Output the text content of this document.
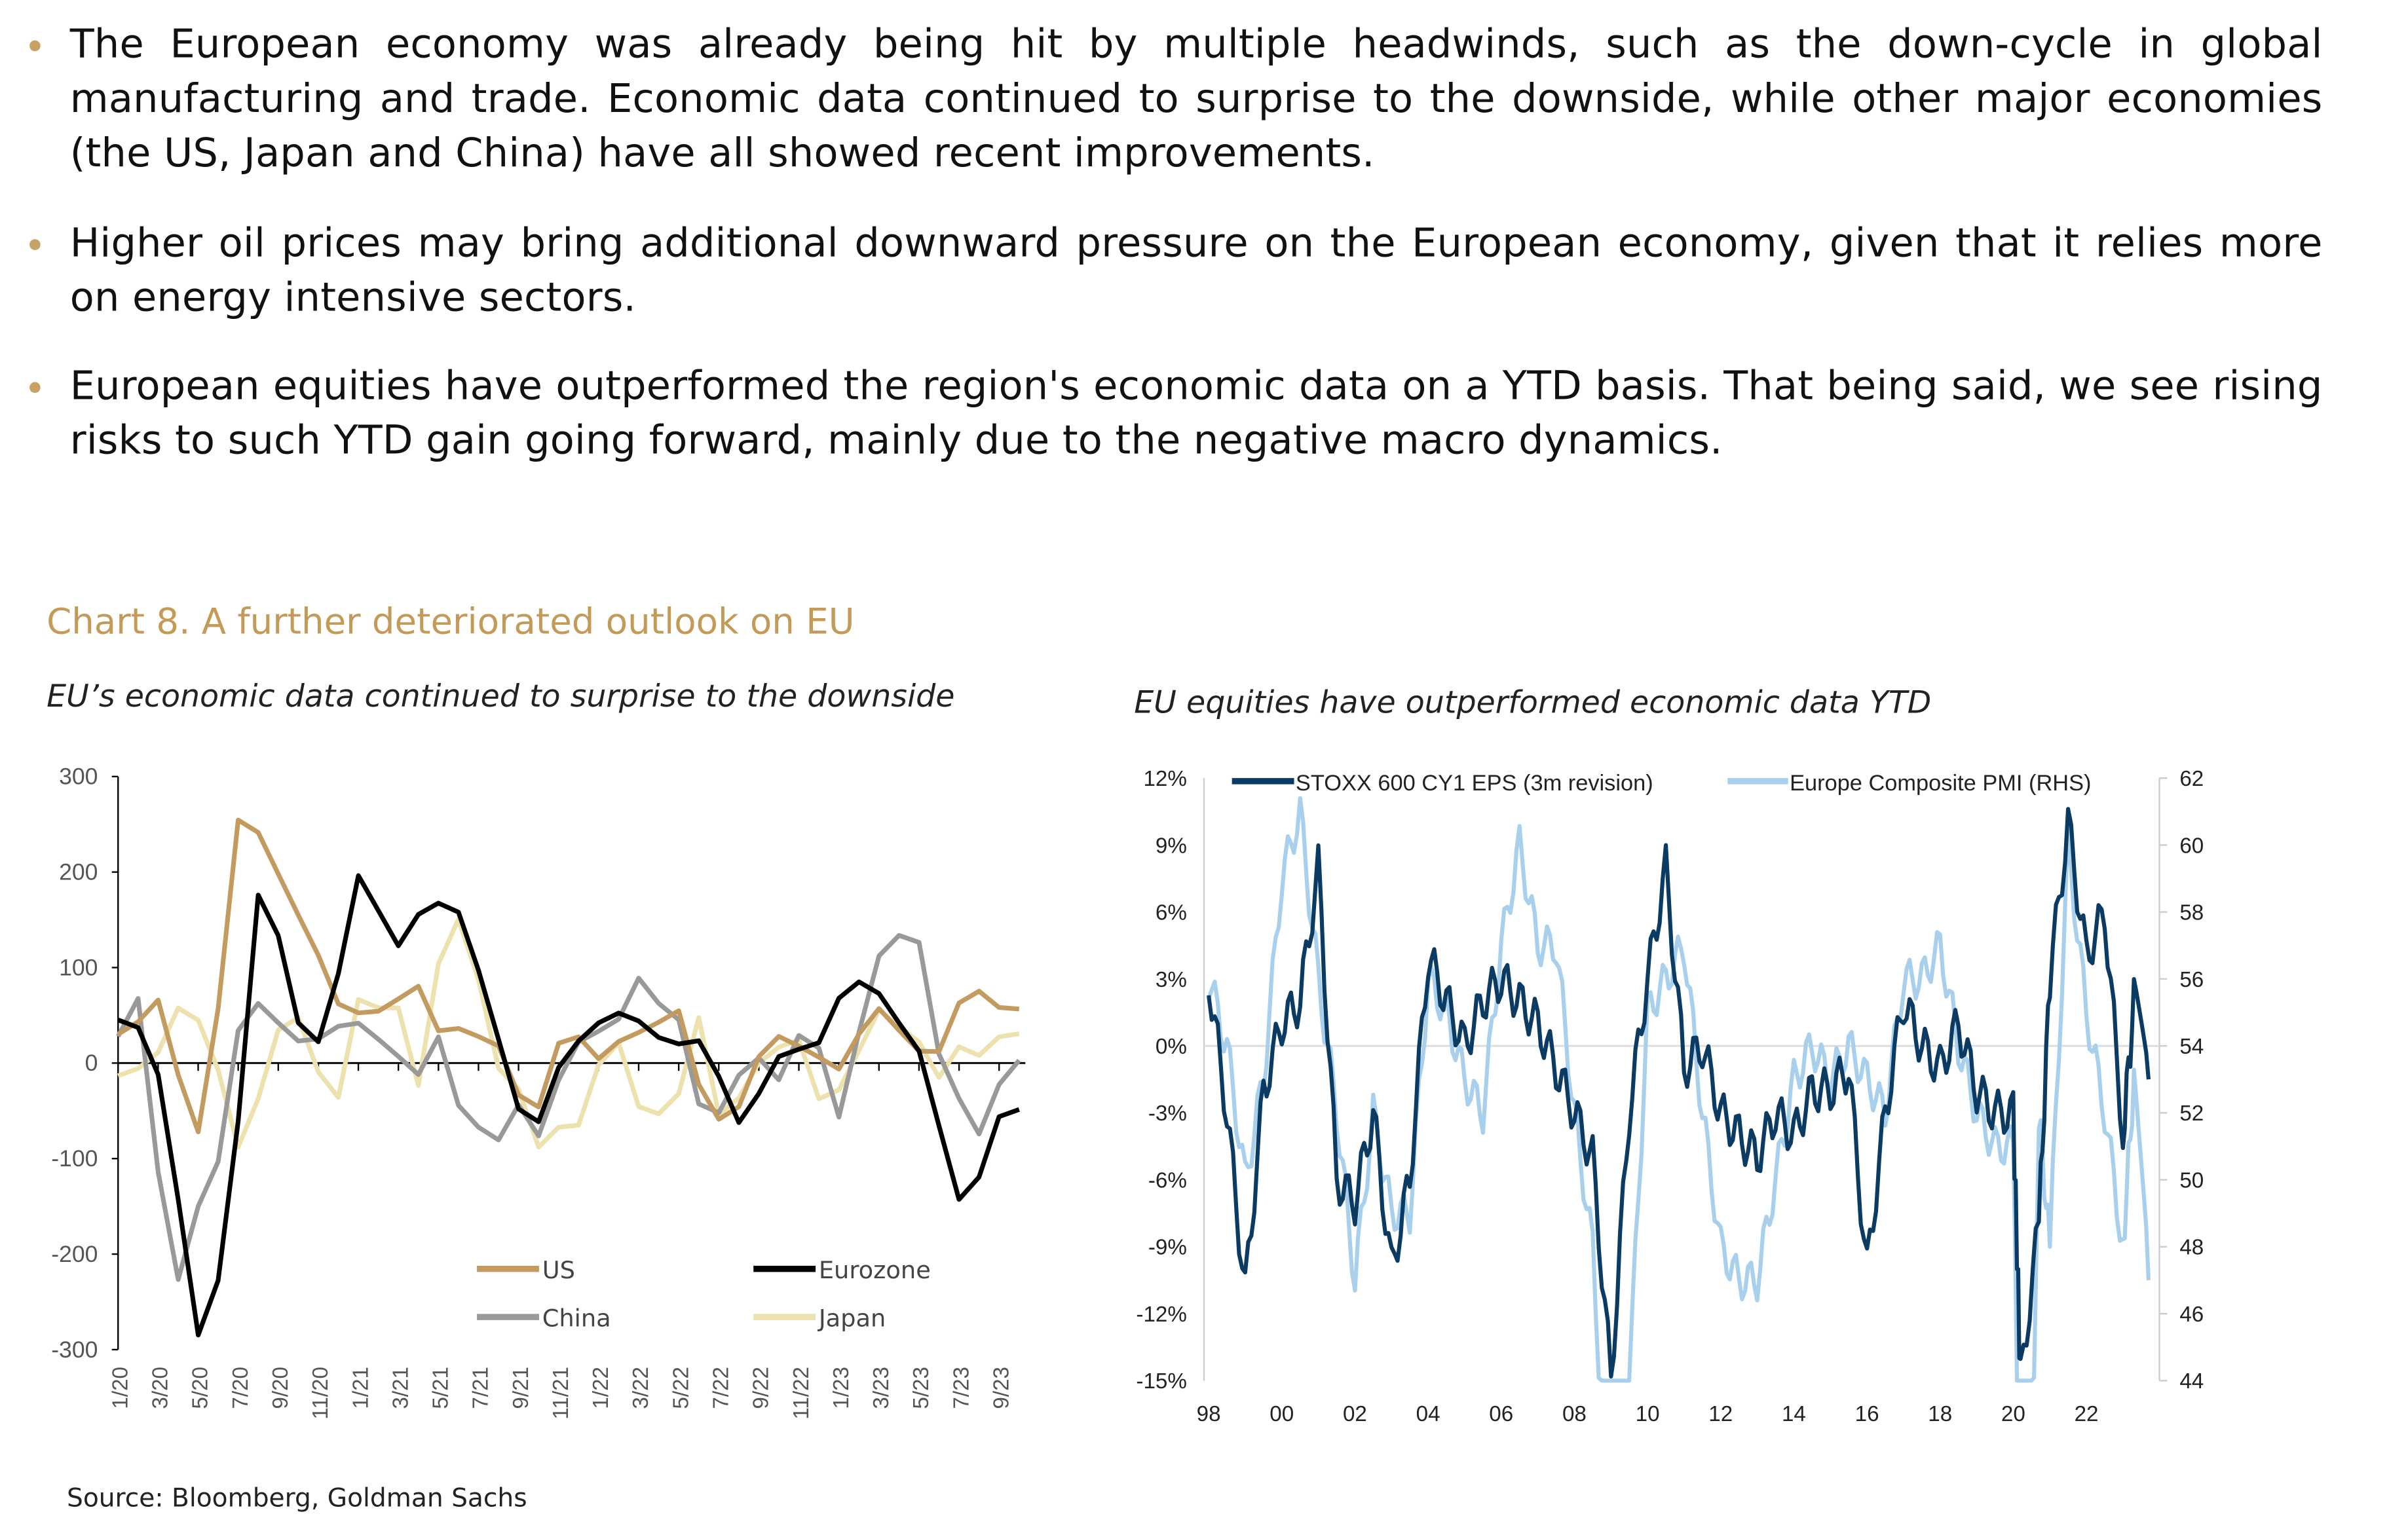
The European economy was already being hit by multiple headwinds, such as the down-cycle in global manufacturing and trade. Economic data continued to surprise to the downside, while other major economies (the US, Japan and China) have all showed recent improvements.
Higher oil prices may bring additional downward pressure on the European economy, given that it relies more on energy intensive sectors.
European equities have outperformed the region's economic data on a YTD basis. That being said, we see rising risks to such YTD gain going forward, mainly due to the negative macro dynamics.
Chart 8. A further deteriorated outlook on EU
EU’s economic data continued to surprise to the downside	EU equities have outperformed economic data YTD
300
200
100
0
-100
-200
-300
1/20 3/20 5/20 7/20 9/20 11/20 1/21 3/21 5/21 7/21 9/21 11/21 1/22 3/22 5/22 7/22 9/22 11/22 1/23 3/23 5/23 7/23 9/23
US	Eurozone
China	Japan
12%
9%
6%
3%
0%
-3%
-6%
-9%
-12%
-15%
62
60
58
56
54
52
50
48
46
44
98	00	02	04	06	08	10	12	14	16	18	20	22
STOXX 600 CY1 EPS (3m revision)	Europe Composite PMI (RHS)
Source: Bloomberg, Goldman Sachs
